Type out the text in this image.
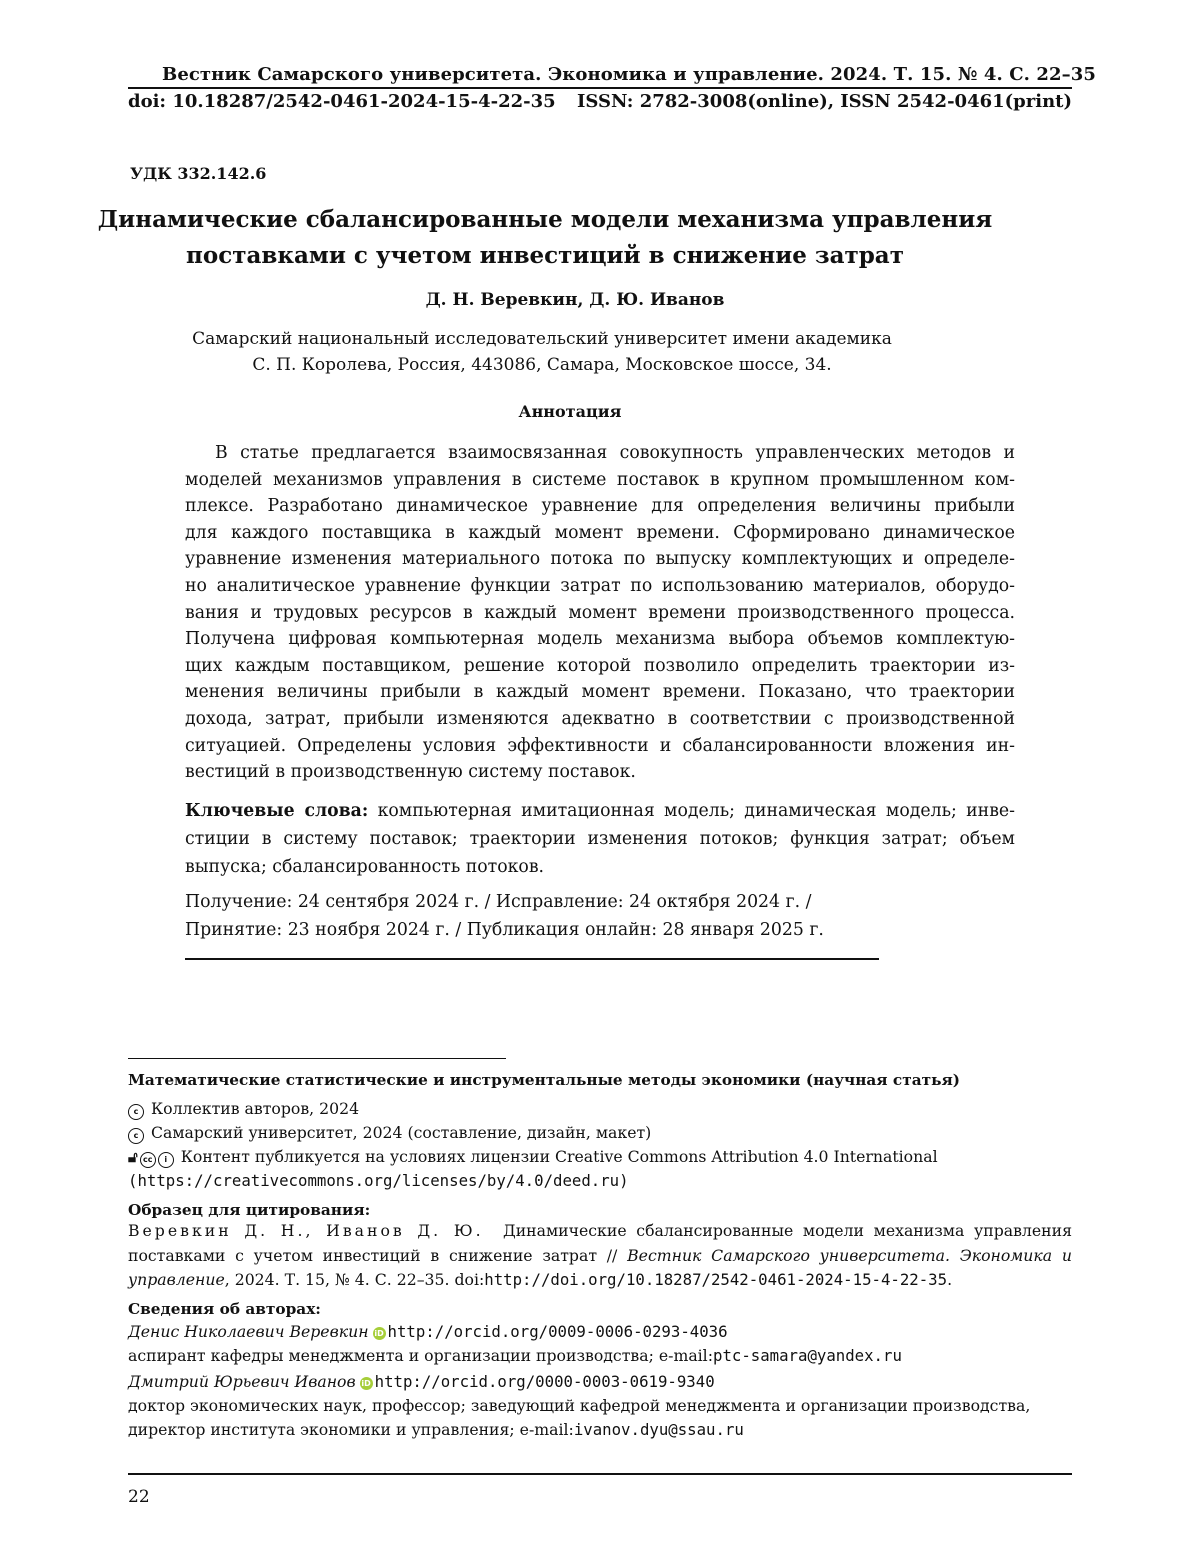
Вестник Самарского университета. Экономика и управление. 2024. Т. 15. № 4. С. 22–35
doi: 10.18287/2542-0461-2024-15-4-22-35 ISSN: 2782-3008(online), ISSN 2542-0461(print)
УДК 332.142.6
Динамические сбалансированные модели механизма управления
поставками с учетом инвестиций в снижение затрат
Д. Н. Веревкин, Д. Ю. Иванов
Самарский национальный исследовательский университет имени академика
С. П. Королева, Россия, 443086, Самара, Московское шоссе, 34.
Аннотация
В статье предлагается взаимосвязанная совокупность управленческих методов и
моделей механизмов управления в системе поставок в крупном промышленном ком-
плексе. Разработано динамическое уравнение для определения величины прибыли
для каждого поставщика в каждый момент времени. Сформировано динамическое
уравнение изменения материального потока по выпуску комплектующих и определе-
но аналитическое уравнение функции затрат по использованию материалов, оборудо-
вания и трудовых ресурсов в каждый момент времени производственного процесса.
Получена цифровая компьютерная модель механизма выбора объемов комплектую-
щих каждым поставщиком, решение которой позволило определить траектории из-
менения величины прибыли в каждый момент времени. Показано, что траектории
дохода, затрат, прибыли изменяются адекватно в соответствии с производственной
ситуацией. Определены условия эффективности и сбалансированности вложения ин-
вестиций в производственную систему поставок.
Ключевые слова: компьютерная имитационная модель; динамическая модель; инве-
стиции в систему поставок; траектории изменения потоков; функция затрат; объем
выпуска; сбалансированность потоков.
Получение: 24 сентября 2024 г. / Исправление: 24 октября 2024 г. /
Принятие: 23 ноября 2024 г. / Публикация онлайн: 28 января 2025 г.
Математические статистические и инструментальные методы экономики (научная статья)
c Коллектив авторов, 2024
c Самарский университет, 2024 (составление, дизайн, макет)
🔓︎ cc i Контент публикуется на условиях лицензии Creative Commons Attribution 4.0 International
(https://creativecommons.org/licenses/by/4.0/deed.ru)
Образец для цитирования:
Веревкин Д. Н., Иванов Д. Ю. Динамические сбалансированные модели механизма управления
поставками с учетом инвестиций в снижение затрат // Вестник Самарского университета. Экономика и
управление, 2024. Т. 15, № 4. С. 22–35. doi:http://doi.org/10.18287/2542-0461-2024-15-4-22-35.
Сведения об авторах:
Денис Николаевич Веревкин iD http://orcid.org/0009-0006-0293-4036
аспирант кафедры менеджмента и организации производства; e-mail:ptc-samara@yandex.ru
Дмитрий Юрьевич Иванов iD http://orcid.org/0000-0003-0619-9340
доктор экономических наук, профессор; заведующий кафедрой менеджмента и организации производства,
директор института экономики и управления; e-mail:ivanov.dyu@ssau.ru
22
